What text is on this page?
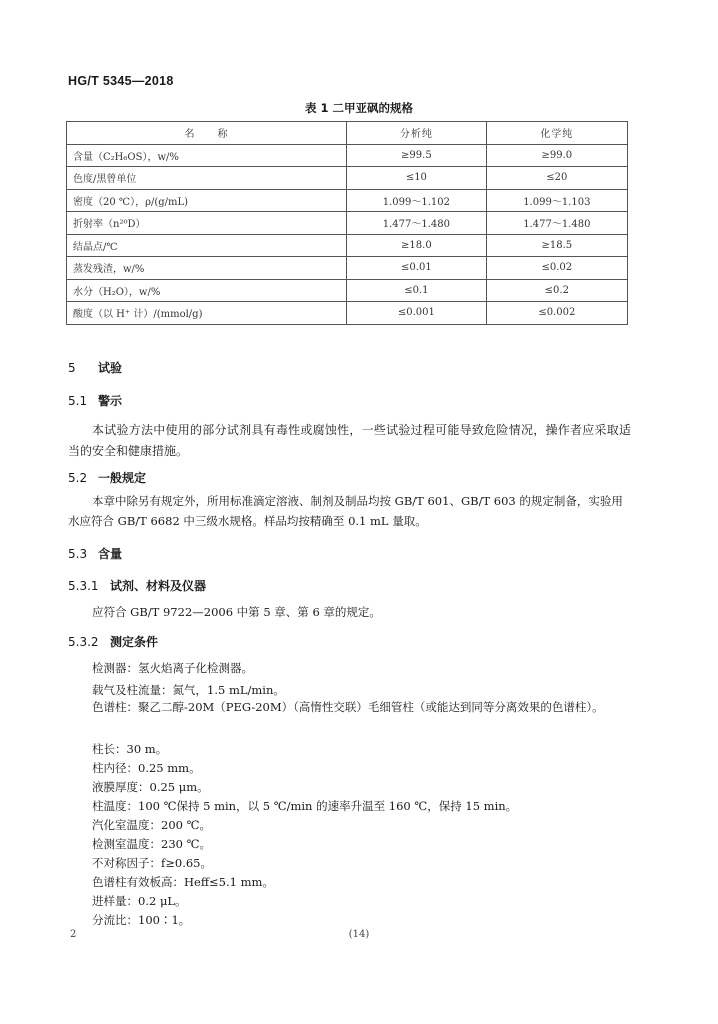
HG/T 5345—2018
表 1 二甲亚砜的规格
名　　称	分析纯	化学纯
含量（C₂H₆OS），w/%	≥99.5	≥99.0
色度/黑曾单位	≤10	≤20
密度（20 ℃），ρ/(g/mL)	1.099～1.102	1.099～1.103
折射率（n²⁰D）	1.477～1.480	1.477～1.480
结晶点/℃	≥18.0	≥18.5
蒸发残渣，w/%	≤0.01	≤0.02
水分（H₂O），w/%	≤0.1	≤0.2
酸度（以 H⁺ 计）/(mmol/g)	≤0.001	≤0.002
5 试验
5.1 警示

本试验方法中使用的部分试剂具有毒性或腐蚀性，一些试验过程可能导致危险情况，操作者应采取适当的安全和健康措施。

5.2 一般规定

本章中除另有规定外，所用标准滴定溶液、制剂及制品均按 GB/T 601、GB/T 603 的规定制备，实验用水应符合 GB/T 6682 中三级水规格。样品均按精确至 0.1 mL 量取。

5.3 含量
5.3.1 试剂、材料及仪器

应符合 GB/T 9722—2006 中第 5 章、第 6 章的规定。

5.3.2 测定条件
检测器：氢火焰离子化检测器。
载气及柱流量：氮气，1.5 mL/min。

色谱柱：聚乙二醇-20M（PEG-20M）（高惰性交联）毛细管柱（或能达到同等分离效果的色谱柱）。

柱长：30 m。
柱内径：0.25 mm。
液膜厚度：0.25 μm。
柱温度：100 ℃保持 5 min，以 5 ℃/min 的速率升温至 160 ℃，保持 15 min。
汽化室温度：200 ℃。
检测室温度：230 ℃。
不对称因子：f≥0.65。
色谱柱有效板高：Heff≤5.1 mm。
进样量：0.2 μL。
2	(14)
分流比：100∶1。
